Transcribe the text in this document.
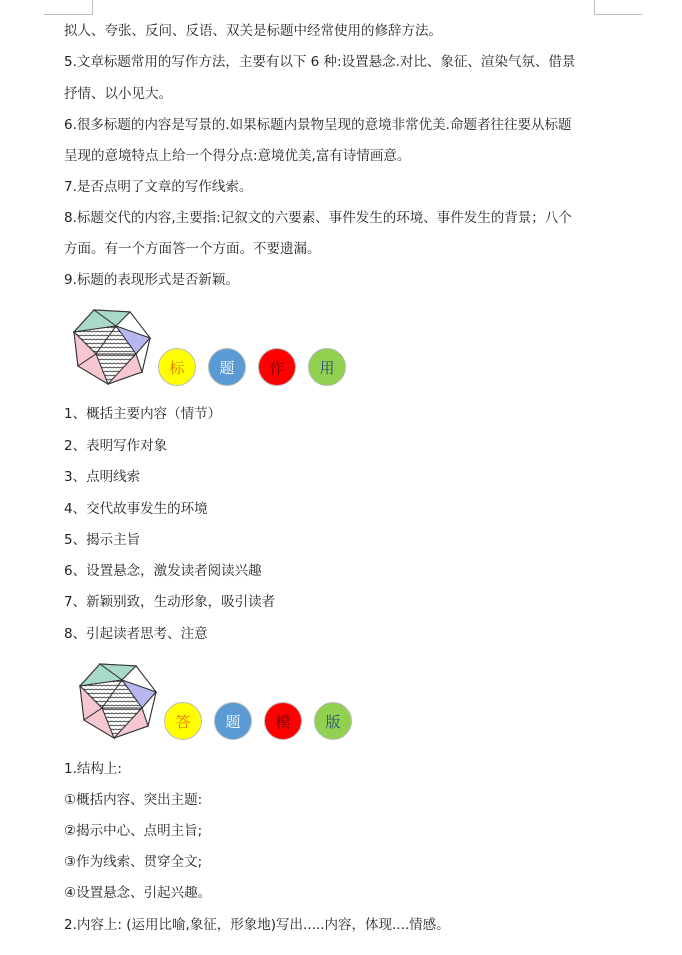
拟人、夸张、反问、反语、双关是标题中经常使用的修辞方法。
5.文章标题常用的写作方法，主要有以下 6 种:设置悬念.对比、象征、渲染气氛、借景
抒情、以小见大。
6.很多标题的内容是写景的.如果标题内景物呈现的意境非常优美.命题者往往要从标题
呈现的意境特点上给一个得分点:意境优美,富有诗情画意。
7.是否点明了文章的写作线索。
8.标题交代的内容,主要指:记叙文的六要素、事件发生的环境、事件发生的背景；八个
方面。有一个方面答一个方面。不要遗漏。
9.标题的表现形式是否新颖。
标	题	作	用
1、概括主要内容（情节）
2、表明写作对象
3、点明线索
4、交代故事发生的环境
5、揭示主旨
6、设置悬念，激发读者阅读兴趣
7、新颖别致，生动形象，吸引读者
8、引起读者思考、注意
答	题	模	版
1.结构上:
①概括内容、突出主题:
②揭示中心、点明主旨;
③作为线索、贯穿全文;
④设置悬念、引起兴趣。
2.内容上: (运用比喻,象征，形象地)写出.....内容，体现....情感。
